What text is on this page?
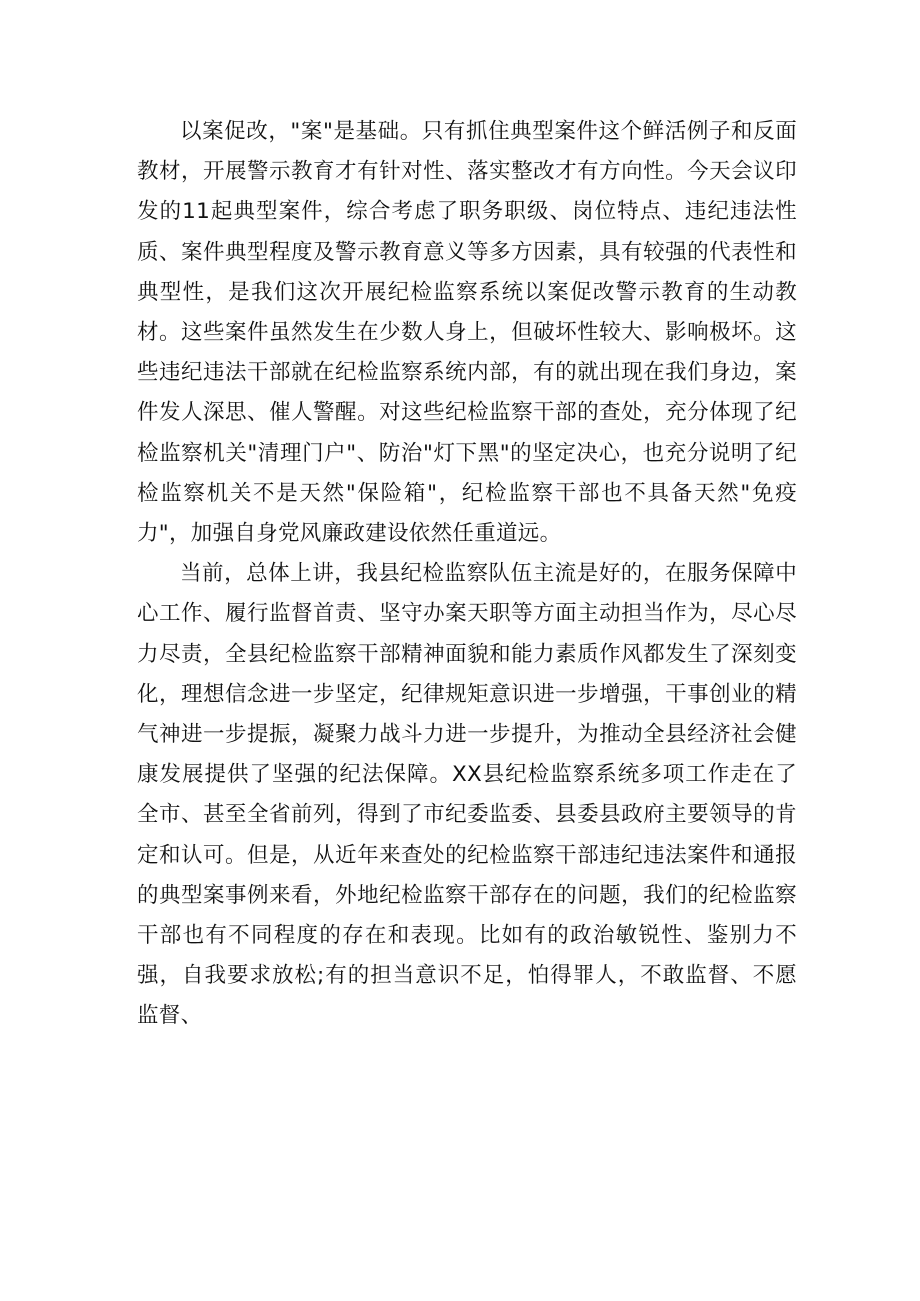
以案促改，"案"是基础。只有抓住典型案件这个鲜活例子和反面教材，开展警示教育才有针对性、落实整改才有方向性。今天会议印发的11起典型案件，综合考虑了职务职级、岗位特点、违纪违法性质、案件典型程度及警示教育意义等多方因素，具有较强的代表性和典型性，是我们这次开展纪检监察系统以案促改警示教育的生动教材。这些案件虽然发生在少数人身上，但破坏性较大、影响极坏。这些违纪违法干部就在纪检监察系统内部，有的就出现在我们身边，案件发人深思、催人警醒。对这些纪检监察干部的查处，充分体现了纪检监察机关"清理门户"、防治"灯下黑"的坚定决心，也充分说明了纪检监察机关不是天然"保险箱"，纪检监察干部也不具备天然"免疫力"，加强自身党风廉政建设依然任重道远。

当前，总体上讲，我县纪检监察队伍主流是好的，在服务保障中心工作、履行监督首责、坚守办案天职等方面主动担当作为，尽心尽力尽责，全县纪检监察干部精神面貌和能力素质作风都发生了深刻变化，理想信念进一步坚定，纪律规矩意识进一步增强，干事创业的精气神进一步提振，凝聚力战斗力进一步提升，为推动全县经济社会健康发展提供了坚强的纪法保障。XX县纪检监察系统多项工作走在了全市、甚至全省前列，得到了市纪委监委、县委县政府主要领导的肯定和认可。但是，从近年来查处的纪检监察干部违纪违法案件和通报的典型案事例来看，外地纪检监察干部存在的问题，我们的纪检监察干部也有不同程度的存在和表现。比如有的政治敏锐性、鉴别力不强，自我要求放松;有的担当意识不足，怕得罪人，不敢监督、不愿监督、
